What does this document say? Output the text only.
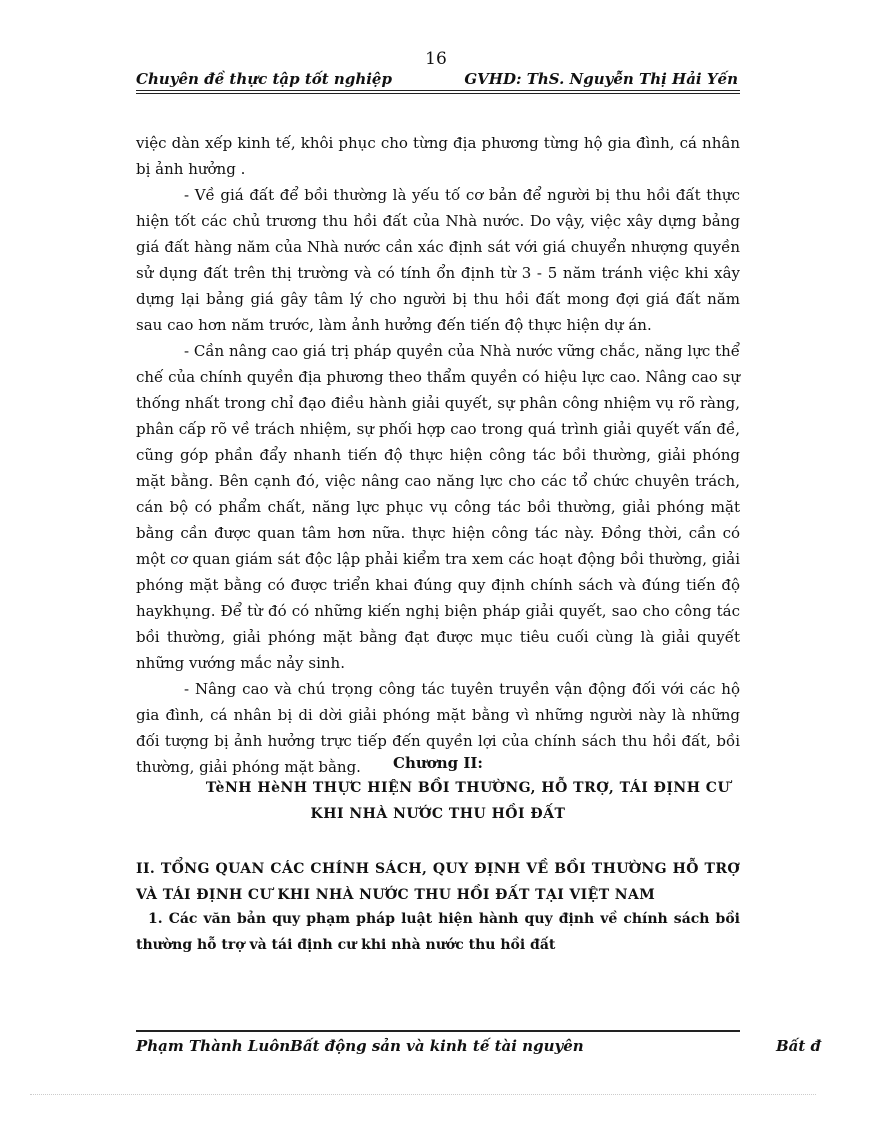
16
Chuyên đề thực tập tốt nghiệp	GVHD: ThS. Nguyễn Thị Hải Yến

việc dàn xếp kinh tế, khôi phục cho từng địa phương từng hộ gia đình, cá nhân bị ảnh hưởng .

- Về giá đất để bồi thường là yếu tố cơ bản để người bị thu hồi đất thực hiện tốt các chủ trương thu hồi đất của Nhà nước. Do vậy, việc xây dựng bảng giá đất hàng năm của Nhà nước cần xác định sát với giá chuyển nhượng quyền sử dụng đất trên thị trường và có tính ổn định từ 3 - 5 năm tránh việc khi xây dựng lại bảng giá gây tâm lý cho người bị thu hồi đất mong đợi giá đất năm sau cao hơn năm trước, làm ảnh hưởng đến tiến độ thực hiện dự án.

- Cần nâng cao giá trị pháp quyền của Nhà nước vững chắc, năng lực thể chế của chính quyền địa phương theo thẩm quyền có hiệu lực cao. Nâng cao sự thống nhất trong chỉ đạo điều hành giải quyết, sự phân công nhiệm vụ rõ ràng, phân cấp rõ về trách nhiệm, sự phối hợp cao trong quá trình giải quyết vấn đề, cũng góp phần đẩy nhanh tiến độ thực hiện công tác bồi thường, giải phóng mặt bằng. Bên cạnh đó, việc nâng cao năng lực cho các tổ chức chuyên trách, cán bộ có phẩm chất, năng lực phục vụ công tác bồi thường, giải phóng mặt bằng cần được quan tâm hơn nữa. thực hiện công tác này. Đồng thời, cần có một cơ quan giám sát độc lập phải kiểm tra xem các hoạt động bồi thường, giải phóng mặt bằng có được triển khai đúng quy định chính sách và đúng tiến độ haykhụng. Để từ đó có những kiến nghị biện pháp giải quyết, sao cho công tác bồi thường, giải phóng mặt bằng đạt được mục tiêu cuối cùng là giải quyết những vướng mắc nảy sinh.

- Nâng cao và chú trọng công tác tuyên truyền vận động đối với các hộ gia đình, cá nhân bị di dời giải phóng mặt bằng vì những người này là những đối tượng bị ảnh hưởng trực tiếp đến quyền lợi của chính sách thu hồi đất, bồi thường, giải phóng mặt bằng.	Chương II:
TèNH HèNH THỰC HIỆN BỒI THƯỜNG, HỖ TRỢ, TÁI ĐỊNH CƯ
KHI NHÀ NƯỚC THU HỒI ĐẤT
II. TỔNG QUAN CÁC CHÍNH SÁCH, QUY ĐỊNH VỀ BỒI THƯỜNG HỖ TRỢ VÀ TÁI ĐỊNH CƯ KHI NHÀ NƯỚC THU HỒI ĐẤT TẠI VIỆT NAM
1. Các văn bản quy phạm pháp luật hiện hành quy định về chính sách bồi thường hỗ trợ và tái định cư khi nhà nước thu hồi đất
Phạm Thành LuônBất động sản và kinh tế tài nguyên	Bất đ
